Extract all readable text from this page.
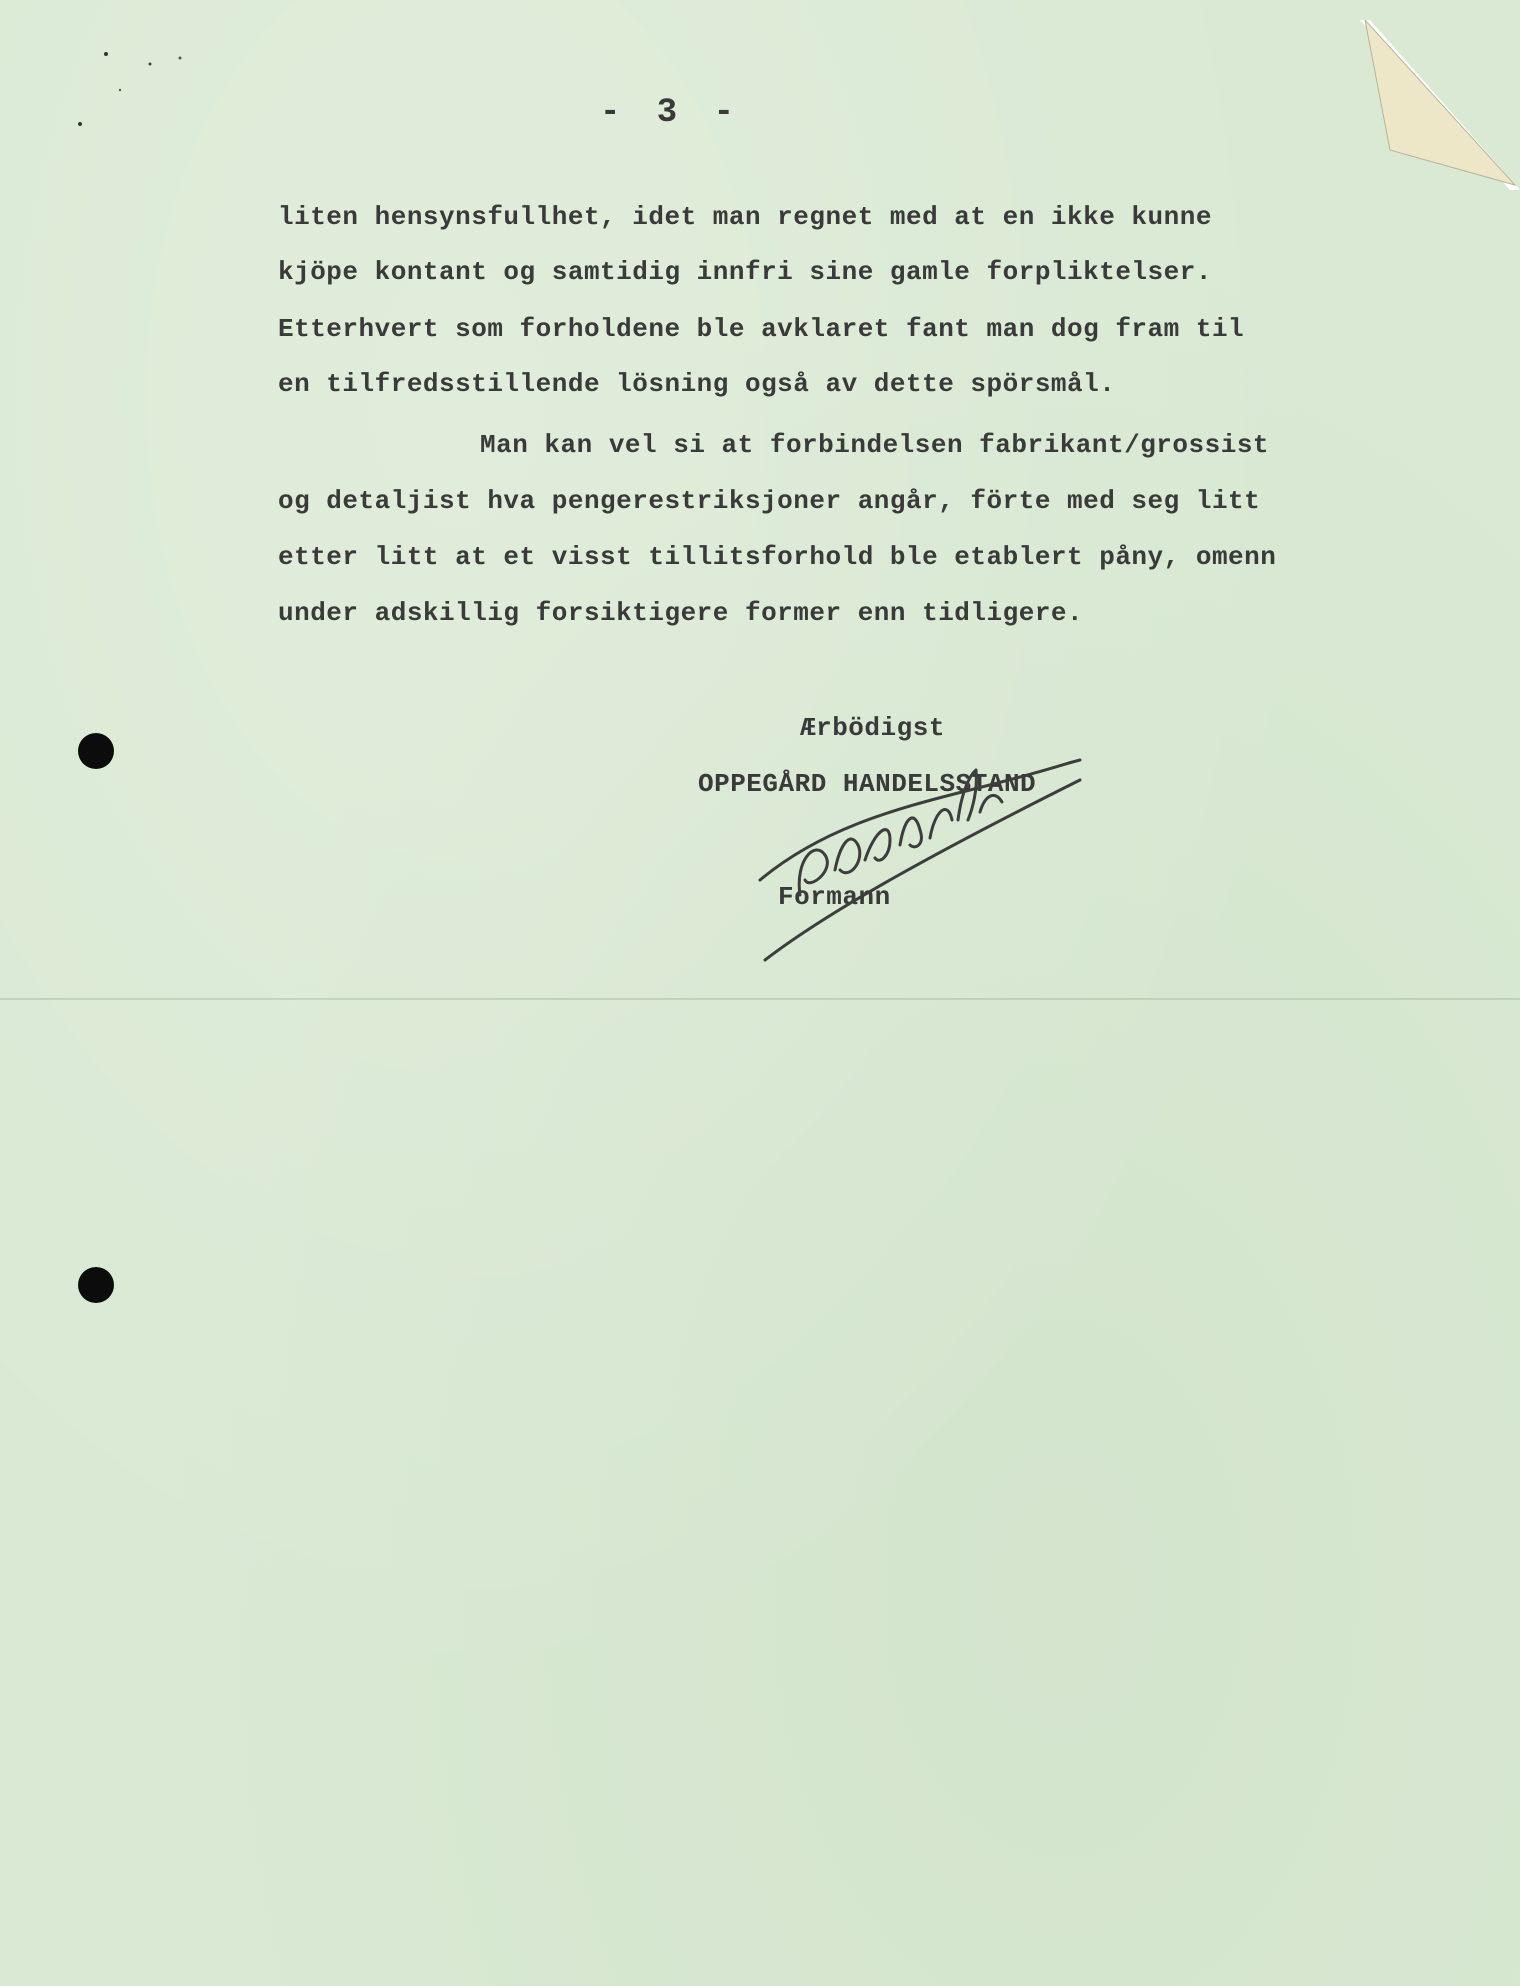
- 3 -
liten hensynsfullhet, idet man regnet med at en ikke kunne
kjöpe kontant og samtidig innfri sine gamle forpliktelser.
Etterhvert som forholdene ble avklaret fant man dog fram til
en tilfredsstillende lösning også av dette spörsmål.
Man kan vel si at forbindelsen fabrikant/grossist
og detaljist hva pengerestriksjoner angår, förte med seg litt
etter litt at et visst tillitsforhold ble etablert påny, omenn
under adskillig forsiktigere former enn tidligere.
Ærbödigst
OPPEGÅRD HANDELSSTAND
Formann
